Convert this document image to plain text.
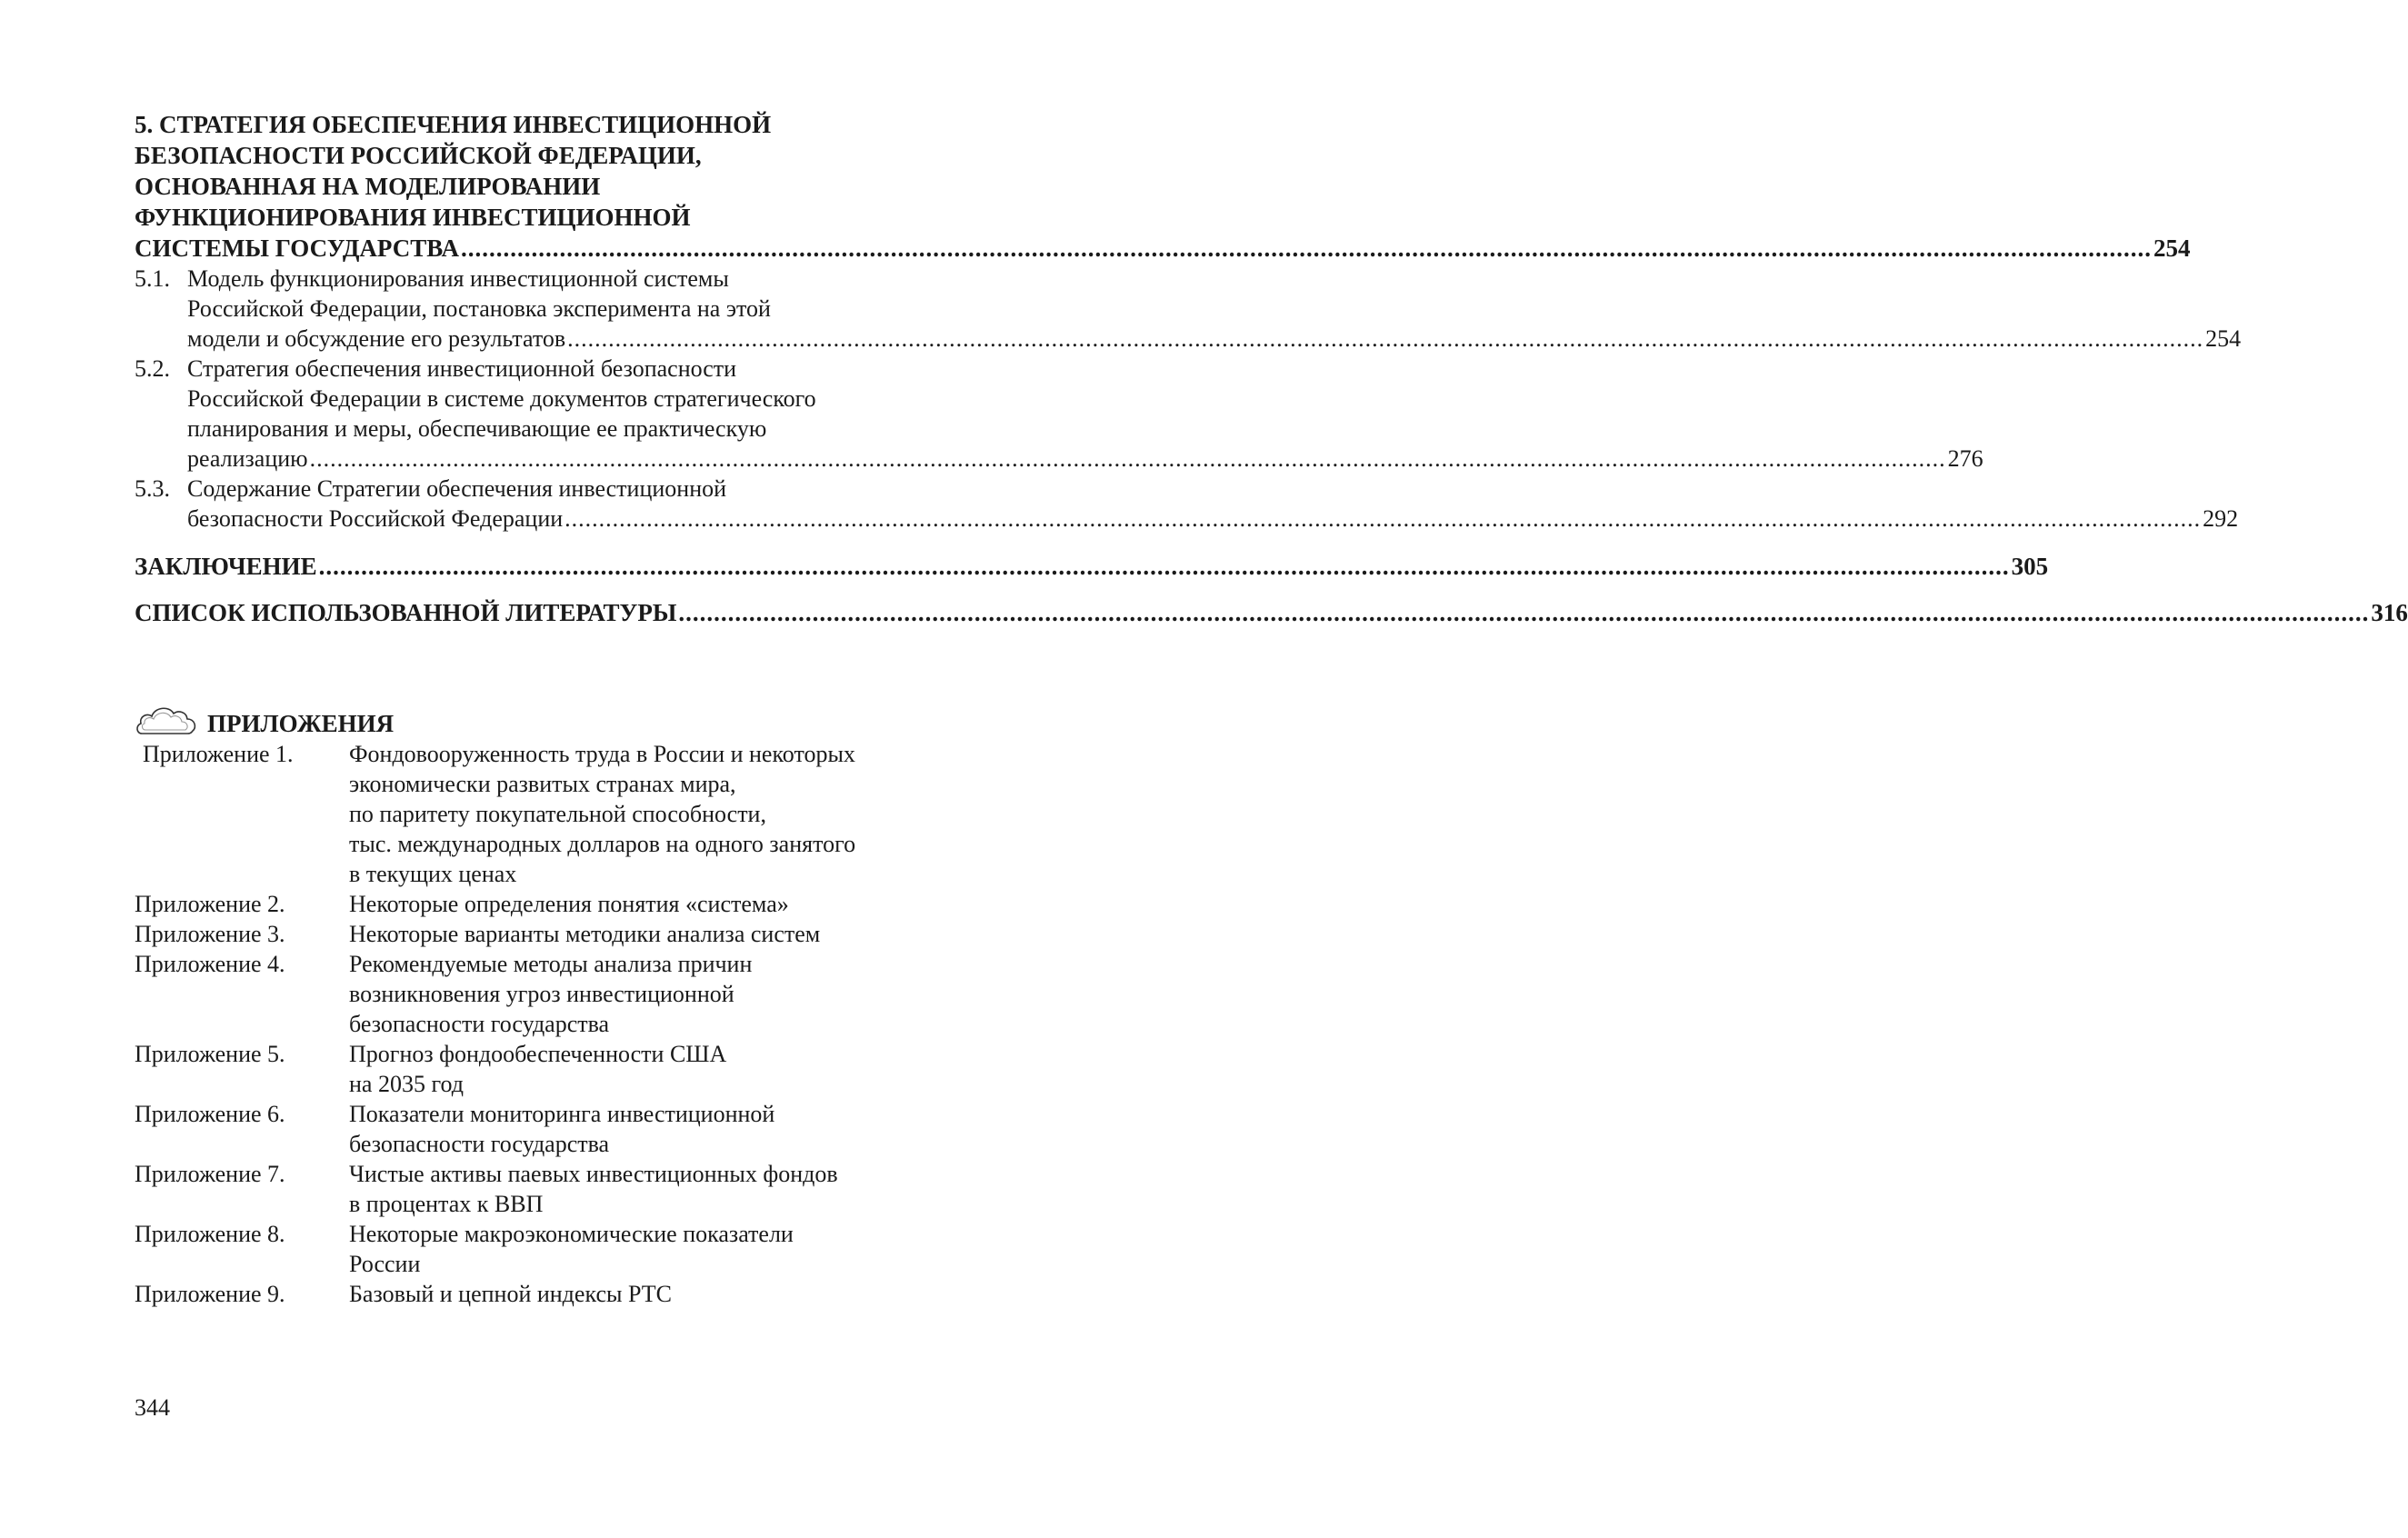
5. СТРАТЕГИЯ ОБЕСПЕЧЕНИЯ ИНВЕСТИЦИОННОЙ
БЕЗОПАСНОСТИ РОССИЙСКОЙ ФЕДЕРАЦИИ,
ОСНОВАННАЯ НА МОДЕЛИРОВАНИИ
ФУНКЦИОНИРОВАНИЯ ИНВЕСТИЦИОННОЙ
СИСТЕМЫ ГОСУДАРСТВА .....	254
5.1. Модель функционирования инвестиционной системы
Российской Федерации, постановка эксперимента на этой
модели и обсуждение его результатов .....	254
5.2. Стратегия обеспечения инвестиционной безопасности
Российской Федерации в системе документов стратегического
планирования и меры, обеспечивающие ее практическую
реализацию .....	276
5.3. Содержание Стратегии обеспечения инвестиционной
безопасности Российской Федерации .....	292
ЗАКЛЮЧЕНИЕ .....	305
СПИСОК ИСПОЛЬЗОВАННОЙ ЛИТЕРАТУРЫ .....	316
ПРИЛОЖЕНИЯ
Приложение 1.	Фондовооруженность труда в России и некоторых
экономически развитых странах мира,
по паритету покупательной способности,
тыс. международных долларов на одного занятого
в текущих ценах
Приложение 2.	Некоторые определения понятия «система»
Приложение 3.	Некоторые варианты методики анализа систем
Приложение 4.	Рекомендуемые методы анализа причин
возникновения угроз инвестиционной
безопасности государства
Приложение 5.	Прогноз фондообеспеченности США
на 2035 год
Приложение 6.	Показатели мониторинга инвестиционной
безопасности государства
Приложение 7.	Чистые активы паевых инвестиционных фондов
в процентах к ВВП
Приложение 8.	Некоторые макроэкономические показатели
России
Приложение 9.	Базовый и цепной индексы РТС
344
